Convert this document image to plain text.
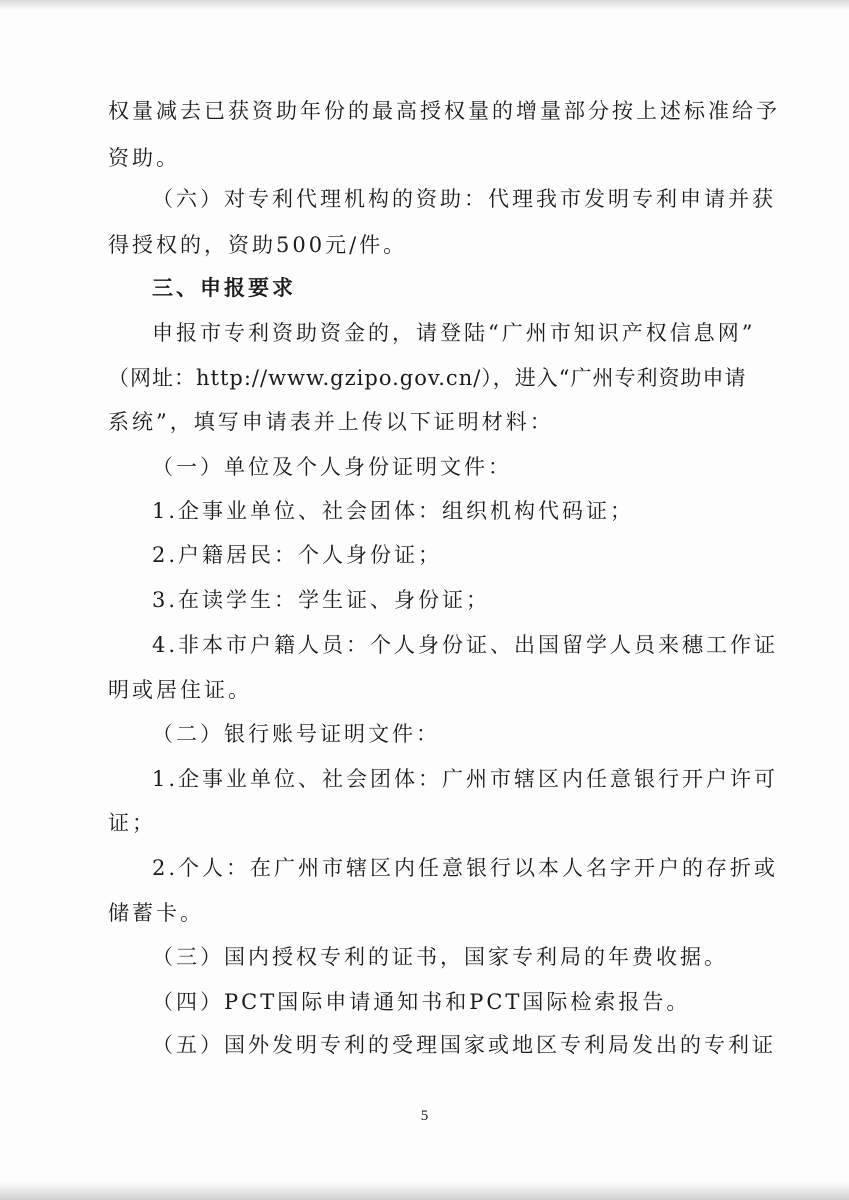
权量减去已获资助年份的最高授权量的增量部分按上述标准给予
资助。
（六）对专利代理机构的资助：代理我市发明专利申请并获
得授权的，资助500元/件。
三、申报要求
申报市专利资助资金的，请登陆“广州市知识产权信息网”
（网址：http://www.gzipo.gov.cn/），进入“广州专利资助申请
系统”，填写申请表并上传以下证明材料：
（一）单位及个人身份证明文件：
1.企事业单位、社会团体：组织机构代码证；
2.户籍居民：个人身份证；
3.在读学生：学生证、身份证；
4.非本市户籍人员：个人身份证、出国留学人员来穗工作证
明或居住证。
（二）银行账号证明文件：
1.企事业单位、社会团体：广州市辖区内任意银行开户许可
证；
2.个人：在广州市辖区内任意银行以本人名字开户的存折或
储蓄卡。
（三）国内授权专利的证书，国家专利局的年费收据。
（四）PCT国际申请通知书和PCT国际检索报告。
（五）国外发明专利的受理国家或地区专利局发出的专利证
5
